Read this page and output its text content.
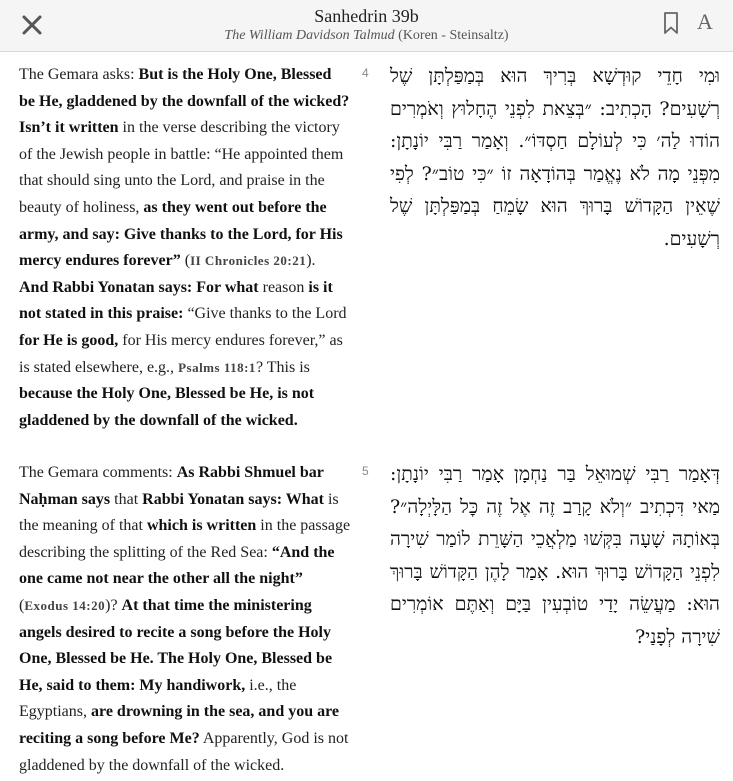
Sanhedrin 39b
The William Davidson Talmud (Koren - Steinsaltz)
A
The Gemara asks: But is the Holy One, Blessed be He, gladdened by the downfall of the wicked? Isn’t it written in the verse describing the victory of the Jewish people in battle: “He appointed them that should sing unto the Lord, and praise in the beauty of holiness, as they went out before the army, and say: Give thanks to the Lord, for His mercy endures forever” (II Chronicles 20:21).
And Rabbi Yonatan says: For what reason is it not stated in this praise: “Give thanks to the Lord for He is good, for His mercy endures forever,” as is stated elsewhere, e.g., Psalms 118:1? This is because the Holy One, Blessed be He, is not gladdened by the downfall of the wicked.
4 וּמִי חָדֵי קוּדְשָׁא בְּרִיךְ הוּא בְּמַפַּלְתָּן שֶׁל רְשָׁעִים? הָכְתִיב: ״בְּצֵאת לִפְנֵי הֶחָלוּץ וְאֹמְרִים הוֹדוּ לַה׳ כִּי לְעוֹלָם חַסְדּוֹ״. וְאָמַר רַבִּי יוֹנָתָן: מִפְּנֵי מָה לֹא נֶאֱמַר בְּהוֹדָאָה זוֹ ״כִּי טוֹב״? לְפִי שֶׁאֵין הַקָּדוֹשׁ בָּרוּךְ הוּא שָׂמֵחַ בְּמַפַּלְתָּן שֶׁל רְשָׁעִים.
The Gemara comments: As Rabbi Shmuel bar Naḥman says that Rabbi Yonatan says: What is the meaning of that which is written in the passage describing the splitting of the Red Sea: “And the one came not near the other all the night” (Exodus 14:20)? At that time the ministering angels desired to recite a song before the Holy One, Blessed be He. The Holy One, Blessed be He, said to them: My handiwork, i.e., the Egyptians, are drowning in the sea, and you are reciting a song before Me? Apparently, God is not gladdened by the downfall of the wicked.
5 דְּאָמַר רַבִּי שְׁמוּאֵל בַּר נַחְמָן אָמַר רַבִּי יוֹנָתָן: מַאי דִּכְתִיב ״וְלֹא קָרַב זֶה אֶל זֶה כׇּל הַלָּיְלָה״? בְּאוֹתָהּ שָׁעָה בִּקְּשׁוּ מַלְאֲכֵי הַשָּׁרֵת לוֹמַר שִׁירָה לִפְנֵי הַקָּדוֹשׁ בָּרוּךְ הוּא. אָמַר לָהֶן הַקָּדוֹשׁ בָּרוּךְ הוּא: מַעֲשֵׂה יָדַי טוֹבְעִין בַּיָּם וְאַתֶּם אוֹמְרִים שִׁירָה לְפָנַי?
